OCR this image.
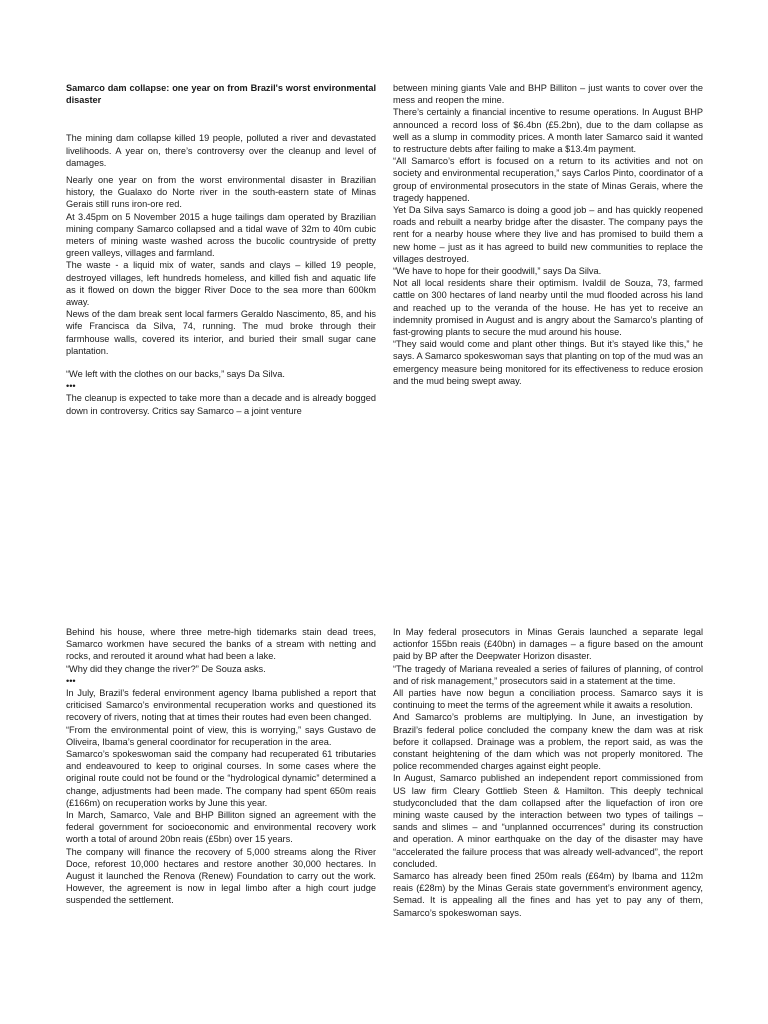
Samarco dam collapse: one year on from Brazil's worst environmental disaster

The mining dam collapse killed 19 people, polluted a river and devastated livelihoods. A year on, there’s controversy over the cleanup and level of damages.

Nearly one year on from the worst environmental disaster in Brazilian history, the Gualaxo do Norte river in the south-eastern state of Minas Gerais still runs iron-ore red.

At 3.45pm on 5 November 2015 a huge tailings dam operated by Brazilian mining company Samarco collapsed and a tidal wave of 32m to 40m cubic meters of mining waste washed across the bucolic countryside of pretty green valleys, villages and farmland.

The waste - a liquid mix of water, sands and clays – killed 19 people, destroyed villages, left hundreds homeless, and killed fish and aquatic life as it flowed on down the bigger River Doce to the sea more than 600km away.

News of the dam break sent local farmers Geraldo Nascimento, 85, and his wife Francisca da Silva, 74, running. The mud broke through their farmhouse walls, covered its interior, and buried their small sugar cane plantation.

“We left with the clothes on our backs,” says Da Silva.

•••

The cleanup is expected to take more than a decade and is already bogged down in controversy. Critics say Samarco – a joint venture

between mining giants Vale and BHP Billiton – just wants to cover over the mess and reopen the mine.

There’s certainly a financial incentive to resume operations. In August BHP announced a record loss of $6.4bn (£5.2bn), due to the dam collapse as well as a slump in commodity prices. A month later Samarco said it wanted to restructure debts after failing to make a $13.4m payment.

“All Samarco’s effort is focused on a return to its activities and not on society and environmental recuperation,” says Carlos Pinto, coordinator of a group of environmental prosecutors in the state of Minas Gerais, where the tragedy happened.

Yet Da Silva says Samarco is doing a good job – and has quickly reopened roads and rebuilt a nearby bridge after the disaster. The company pays the rent for a nearby house where they live and has promised to build them a new home – just as it has agreed to build new communities to replace the villages destroyed.

“We have to hope for their goodwill,” says Da Silva.

Not all local residents share their optimism. Ivaldil de Souza, 73, farmed cattle on 300 hectares of land nearby until the mud flooded across his land and reached up to the veranda of the house. He has yet to receive an indemnity promised in August and is angry about the Samarco’s planting of fast-growing plants to secure the mud around his house.

“They said would come and plant other things. But it’s stayed like this,” he says. A Samarco spokeswoman says that planting on top of the mud was an emergency measure being monitored for its effectiveness to reduce erosion and the mud being swept away.

Behind his house, where three metre-high tidemarks stain dead trees, Samarco workmen have secured the banks of a stream with netting and rocks, and rerouted it around what had been a lake.

“Why did they change the river?” De Souza asks.

•••

In July, Brazil’s federal environment agency Ibama published a report that criticised Samarco’s environmental recuperation works and questioned its recovery of rivers, noting that at times their routes had even been changed.

“From the environmental point of view, this is worrying,” says Gustavo de Oliveira, Ibama’s general coordinator for recuperation in the area.

Samarco’s spokeswoman said the company had recuperated 61 tributaries and endeavoured to keep to original courses. In some cases where the original route could not be found or the “hydrological dynamic” determined a change, adjustments had been made. The company had spent 650m reais (£166m) on recuperation works by June this year.

In March, Samarco, Vale and BHP Billiton signed an agreement with the federal government for socioeconomic and environmental recovery work worth a total of around 20bn reais (£5bn) over 15 years.

The company will finance the recovery of 5,000 streams along the River Doce, reforest 10,000 hectares and restore another 30,000 hectares. In August it launched the Renova (Renew) Foundation to carry out the work. However, the agreement is now in legal limbo after a high court judge suspended the settlement.

In May federal prosecutors in Minas Gerais launched a separate legal actionfor 155bn reais (£40bn) in damages – a figure based on the amount paid by BP after the Deepwater Horizon disaster.

“The tragedy of Mariana revealed a series of failures of planning, of control and of risk management,” prosecutors said in a statement at the time.

All parties have now begun a conciliation process. Samarco says it is continuing to meet the terms of the agreement while it awaits a resolution.

And Samarco’s problems are multiplying. In June, an investigation by Brazil’s federal police concluded the company knew the dam was at risk before it collapsed. Drainage was a problem, the report said, as was the constant heightening of the dam which was not properly monitored. The police recommended charges against eight people.

In August, Samarco published an independent report commissioned from US law firm Cleary Gottlieb Steen & Hamilton. This deeply technical studyconcluded that the dam collapsed after the liquefaction of iron ore mining waste caused by the interaction between two types of tailings – sands and slimes – and “unplanned occurrences” during its construction and operation. A minor earthquake on the day of the disaster may have “accelerated the failure process that was already well-advanced”, the report concluded.

Samarco has already been fined 250m reals (£64m) by Ibama and 112m reais (£28m) by the Minas Gerais state government’s environment agency, Semad. It is appealing all the fines and has yet to pay any of them, Samarco’s spokeswoman says.
